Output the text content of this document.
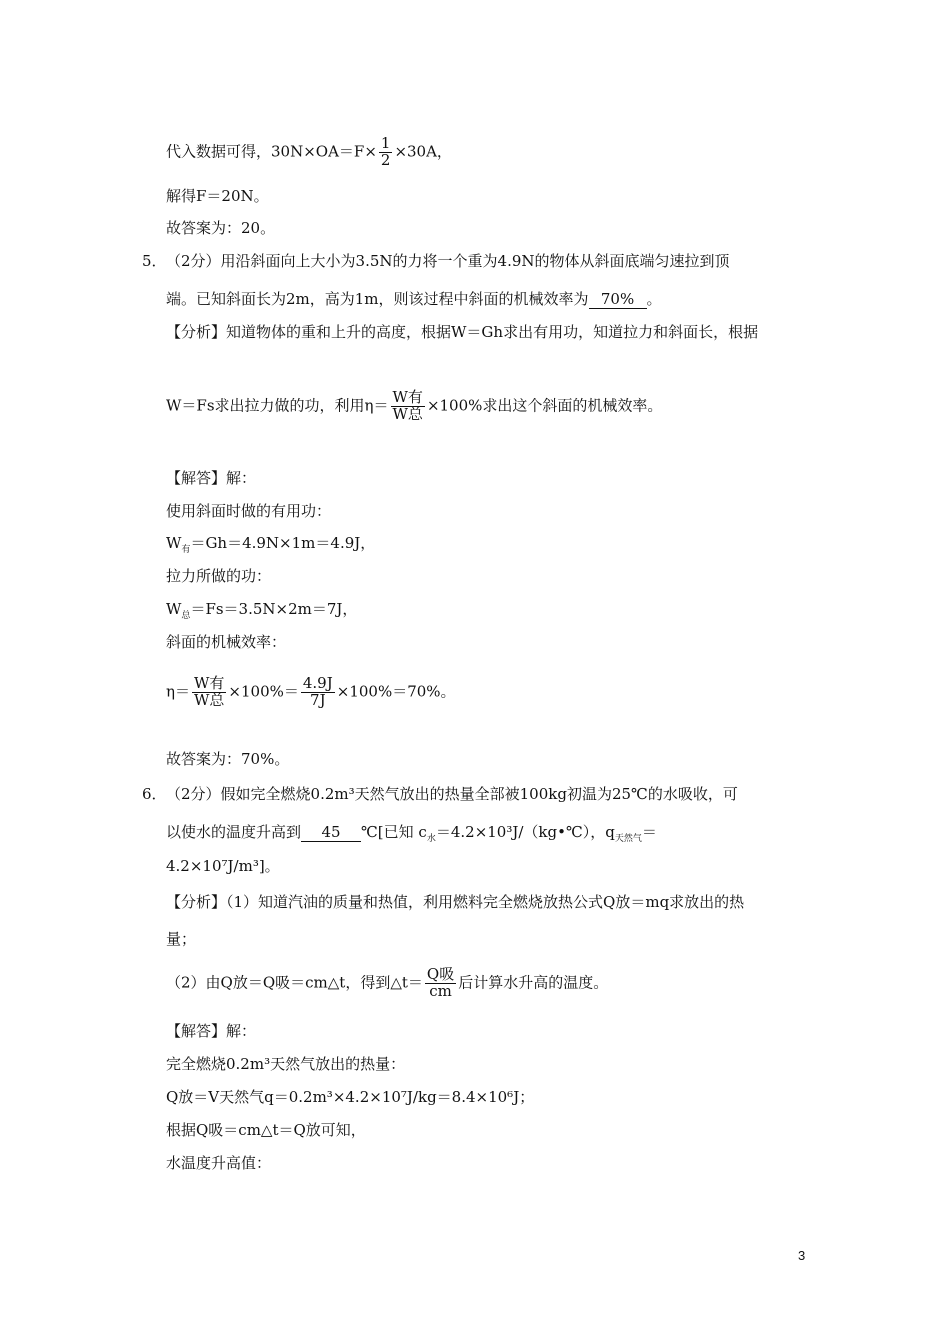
代入数据可得，$30N\times OA=F\times \frac{1}{2} \times 30A$，
解得F＝20N。
故答案为：20。
5． （2分）用沿斜面向上大小为3.5N的力将一个重为4.9N的物体从斜面底端匀速拉到顶
端。已知斜面长为2m，高为1m，则该过程中斜面的机械效率为 70% 。
【分析】知道物体的重和上升的高度，根据W＝Gh求出有用功，知道拉力和斜面长，根据
W＝Fs求出拉力做的功，利用$\eta= \frac{\text{W有}}{\text{W总}} \times 100\%$求出这个斜面的机械效率。
【解答】解：
使用斜面时做的有用功：
$W_有=Gh=4.9N\times 1m=4.9J$，
拉力所做的功：
$W_总=Fs=3.5N\times 2m=7J$，
斜面的机械效率：
$\eta= \frac{\text{W有}}{\text{W总}} \times 100\%= \frac{4.9J}{7J} \times 100\%=70\%$。
故答案为：70%。
6． （2分）假如完全燃烧0.2m³天然气放出的热量全部被100kg初温为25℃的水吸收，可
以使水的温度升高到 45 ℃[已知 $c_水=4.2\times 10^3J/(kg•℃)$，$q_{天然气}=$
4.2×10⁷J/m³]。
【分析】（1）知道汽油的质量和热值，利用燃料完全燃烧放热公式Q放＝mq求放出的热
量；
（2）由Q放＝Q吸＝cm△t，得到△t＝ $\frac{\text{Q吸}}{cm}$ 后计算水升高的温度。
【解答】解：
完全燃烧0.2m³天然气放出的热量：
Q放＝V天然气q＝0.2m³×4.2×10⁷J/kg＝8.4×10⁶J；
根据Q吸＝cm△t＝Q放可知，
水温度升高值：
3
